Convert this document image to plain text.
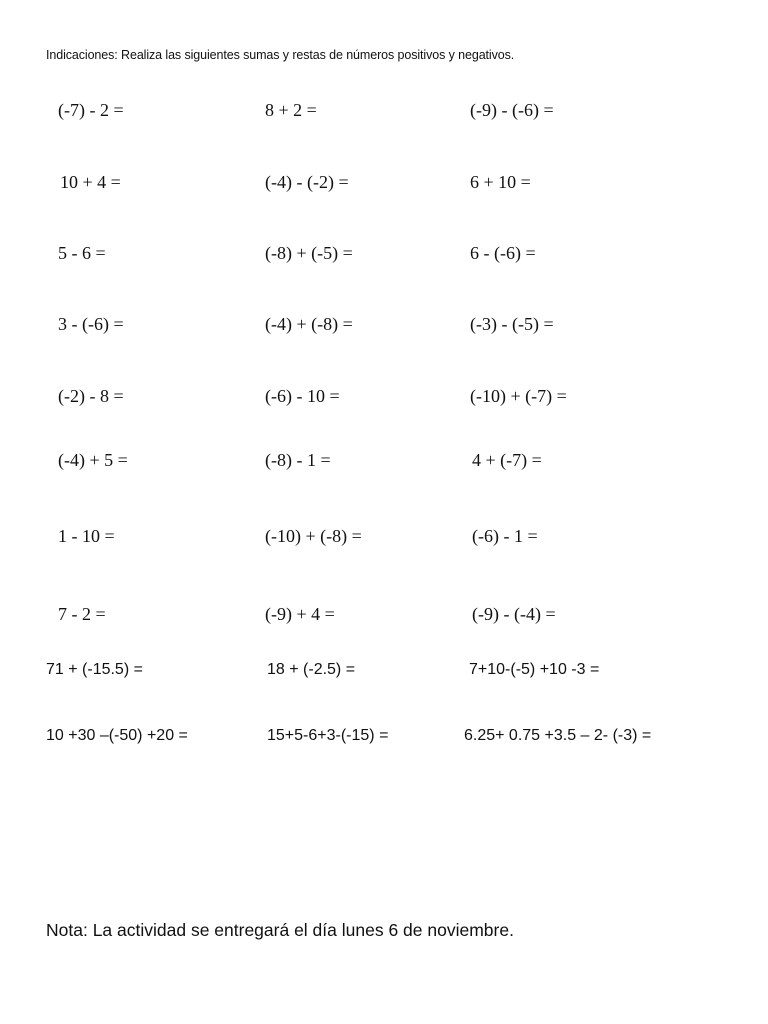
Indicaciones: Realiza las siguientes sumas y restas de números positivos y negativos.
(-7) - 2 =	8 + 2 =	(-9) - (-6) =
10 + 4 =	(-4) - (-2) =	6 + 10 =
5 - 6 =	(-8) + (-5) =	6 - (-6) =
3 - (-6) =	(-4) + (-8) =	(-3) - (-5) =
(-2) - 8 =	(-6) - 10 =	(-10) + (-7) =
(-4) + 5 =	(-8) - 1 =	4 + (-7) =
1 - 10 =	(-10) + (-8) =	(-6) - 1 =
7 - 2 =	(-9) + 4 =	(-9) - (-4) =
71 + (-15.5) =	18 + (-2.5) =	7+10-(-5) +10 -3 =
10 +30 –(-50) +20 =	15+5-6+3-(-15) =	6.25+ 0.75 +3.5 – 2- (-3) =
Nota: La actividad se entregará el día lunes 6 de noviembre.
